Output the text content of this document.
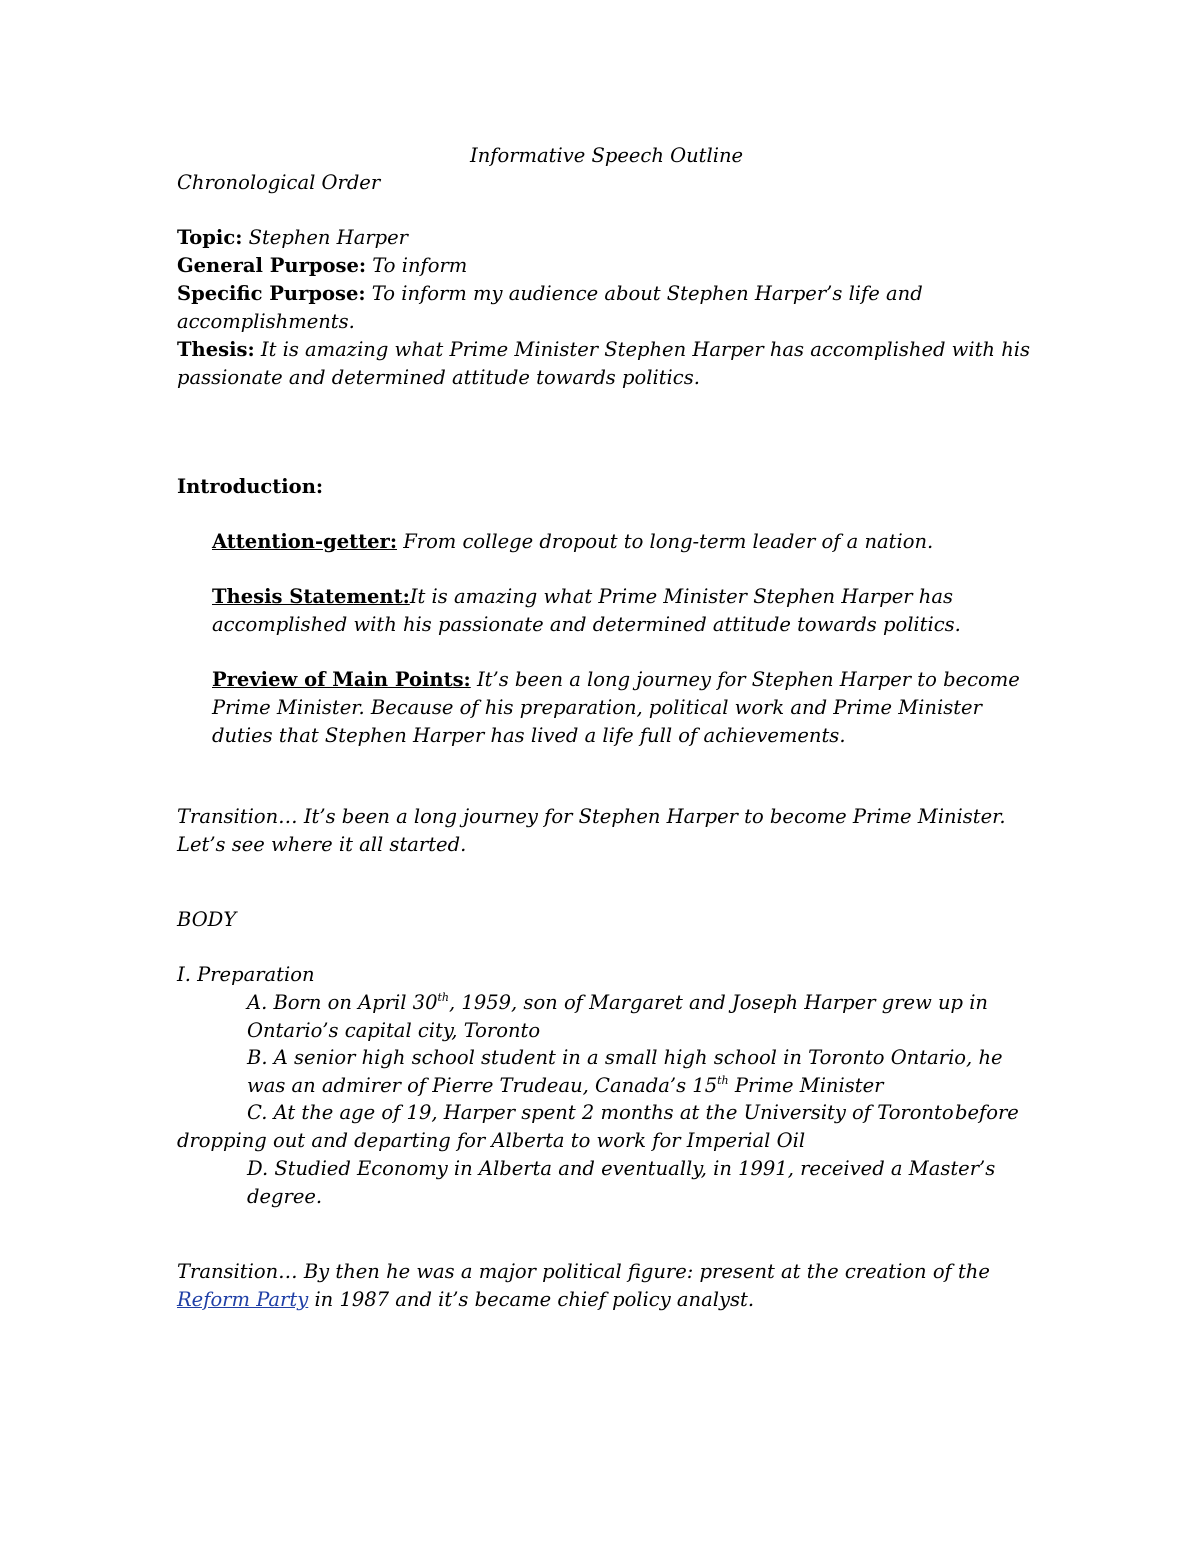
Informative Speech Outline
Chronological Order
Topic: Stephen Harper
General Purpose: To inform
Specific Purpose: To inform my audience about Stephen Harper’s life and
accomplishments.
Thesis: It is amazing what Prime Minister Stephen Harper has accomplished with his
passionate and determined attitude towards politics.
Introduction:
Attention-getter: From college dropout to long-term leader of a nation.
Thesis Statement:It is amazing what Prime Minister Stephen Harper has
accomplished with his passionate and determined attitude towards politics.
Preview of Main Points: It’s been a long journey for Stephen Harper to become
Prime Minister. Because of his preparation, political work and Prime Minister
duties that Stephen Harper has lived a life full of achievements.
Transition… It’s been a long journey for Stephen Harper to become Prime Minister.
Let’s see where it all started.
BODY
I. Preparation
A. Born on April 30th, 1959, son of Margaret and Joseph Harper grew up in
Ontario’s capital city, Toronto
B. A senior high school student in a small high school in Toronto Ontario, he
was an admirer of Pierre Trudeau, Canada’s 15th Prime Minister
C. At the age of 19, Harper spent 2 months at the University of Toronto before
dropping out and departing for Alberta to work for Imperial Oil
D. Studied Economy in Alberta and eventually, in 1991, received a Master’s
degree.
Transition… By then he was a major political figure: present at the creation of the
Reform Party in 1987 and it’s became chief policy analyst.
